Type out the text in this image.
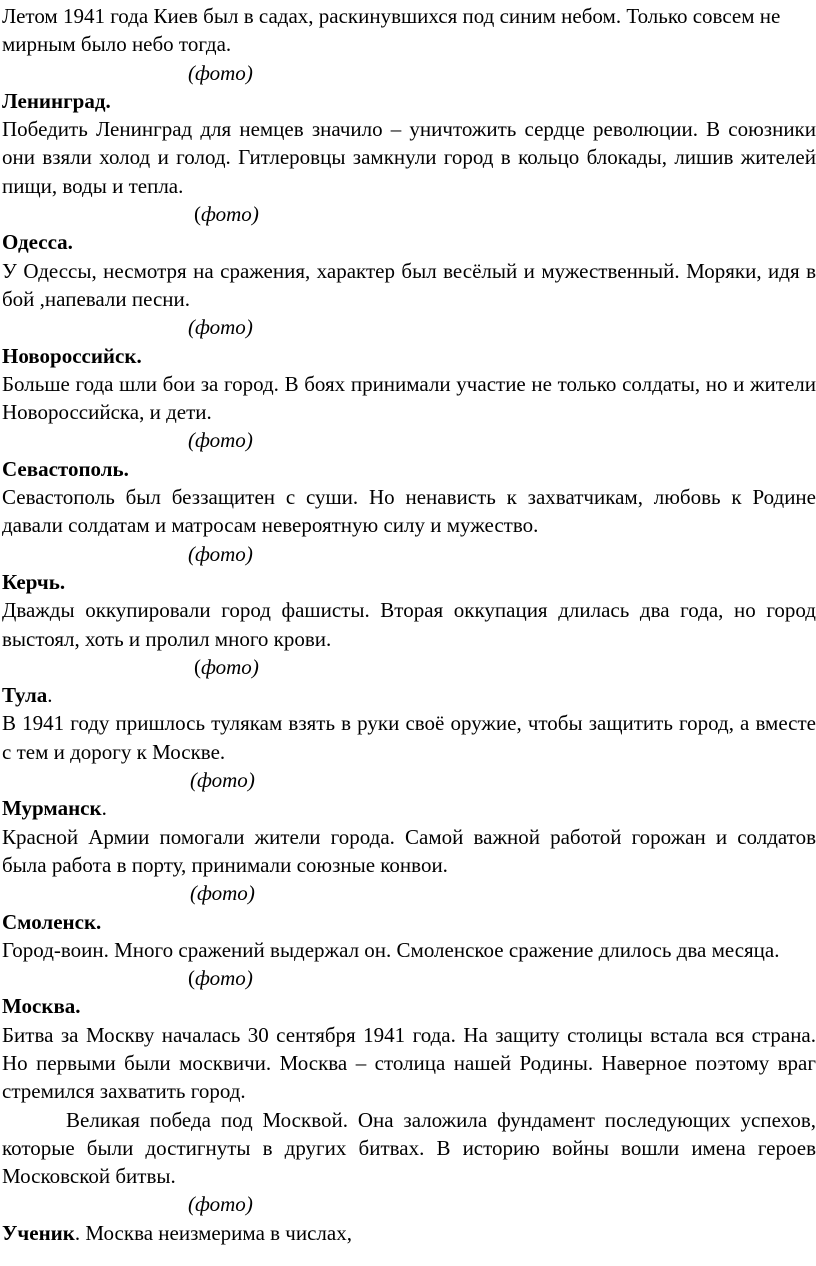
Летом 1941 года Киев был в садах, раскинувшихся под синим небом. Только совсем не мирным было небо тогда.

(фото)

Ленинград.

Победить Ленинград для немцев значило – уничтожить сердце революции. В союзники они взяли холод и голод. Гитлеровцы замкнули город в кольцо блокады, лишив жителей пищи, воды и тепла.

(фото)

Одесса.

У Одессы, несмотря на сражения, характер был весёлый и мужественный. Моряки, идя в бой ,напевали песни.

(фото)

Новороссийск.

Больше года шли бои за город. В боях принимали участие не только солдаты, но и жители Новороссийска, и дети.

(фото)

Севастополь.

Севастополь был беззащитен с суши. Но ненависть к захватчикам, любовь к Родине давали солдатам и матросам невероятную силу и мужество.

(фото)

Керчь.

Дважды оккупировали город фашисты. Вторая оккупация длилась два года, но город выстоял, хоть и пролил много крови.

(фото)

Тула.

В 1941 году пришлось тулякам взять в руки своё оружие, чтобы защитить город, а вместе с тем и дорогу к Москве.

(фото)

Мурманск.

Красной Армии помогали жители города. Самой важной работой горожан и солдатов была работа в порту, принимали союзные конвои.

(фото)

Смоленск.

Город-воин. Много сражений выдержал он. Смоленское сражение длилось два месяца.

(фото)

Москва.

Битва за Москву началась 30 сентября 1941 года. На защиту столицы встала вся страна. Но первыми были москвичи. Москва – столица нашей Родины. Наверное поэтому враг стремился захватить город.

Великая победа под Москвой. Она заложила фундамент последующих успехов, которые были достигнуты в других битвах. В историю войны вошли имена героев Московской битвы.

(фото)

Ученик. Москва неизмерима в числах,
